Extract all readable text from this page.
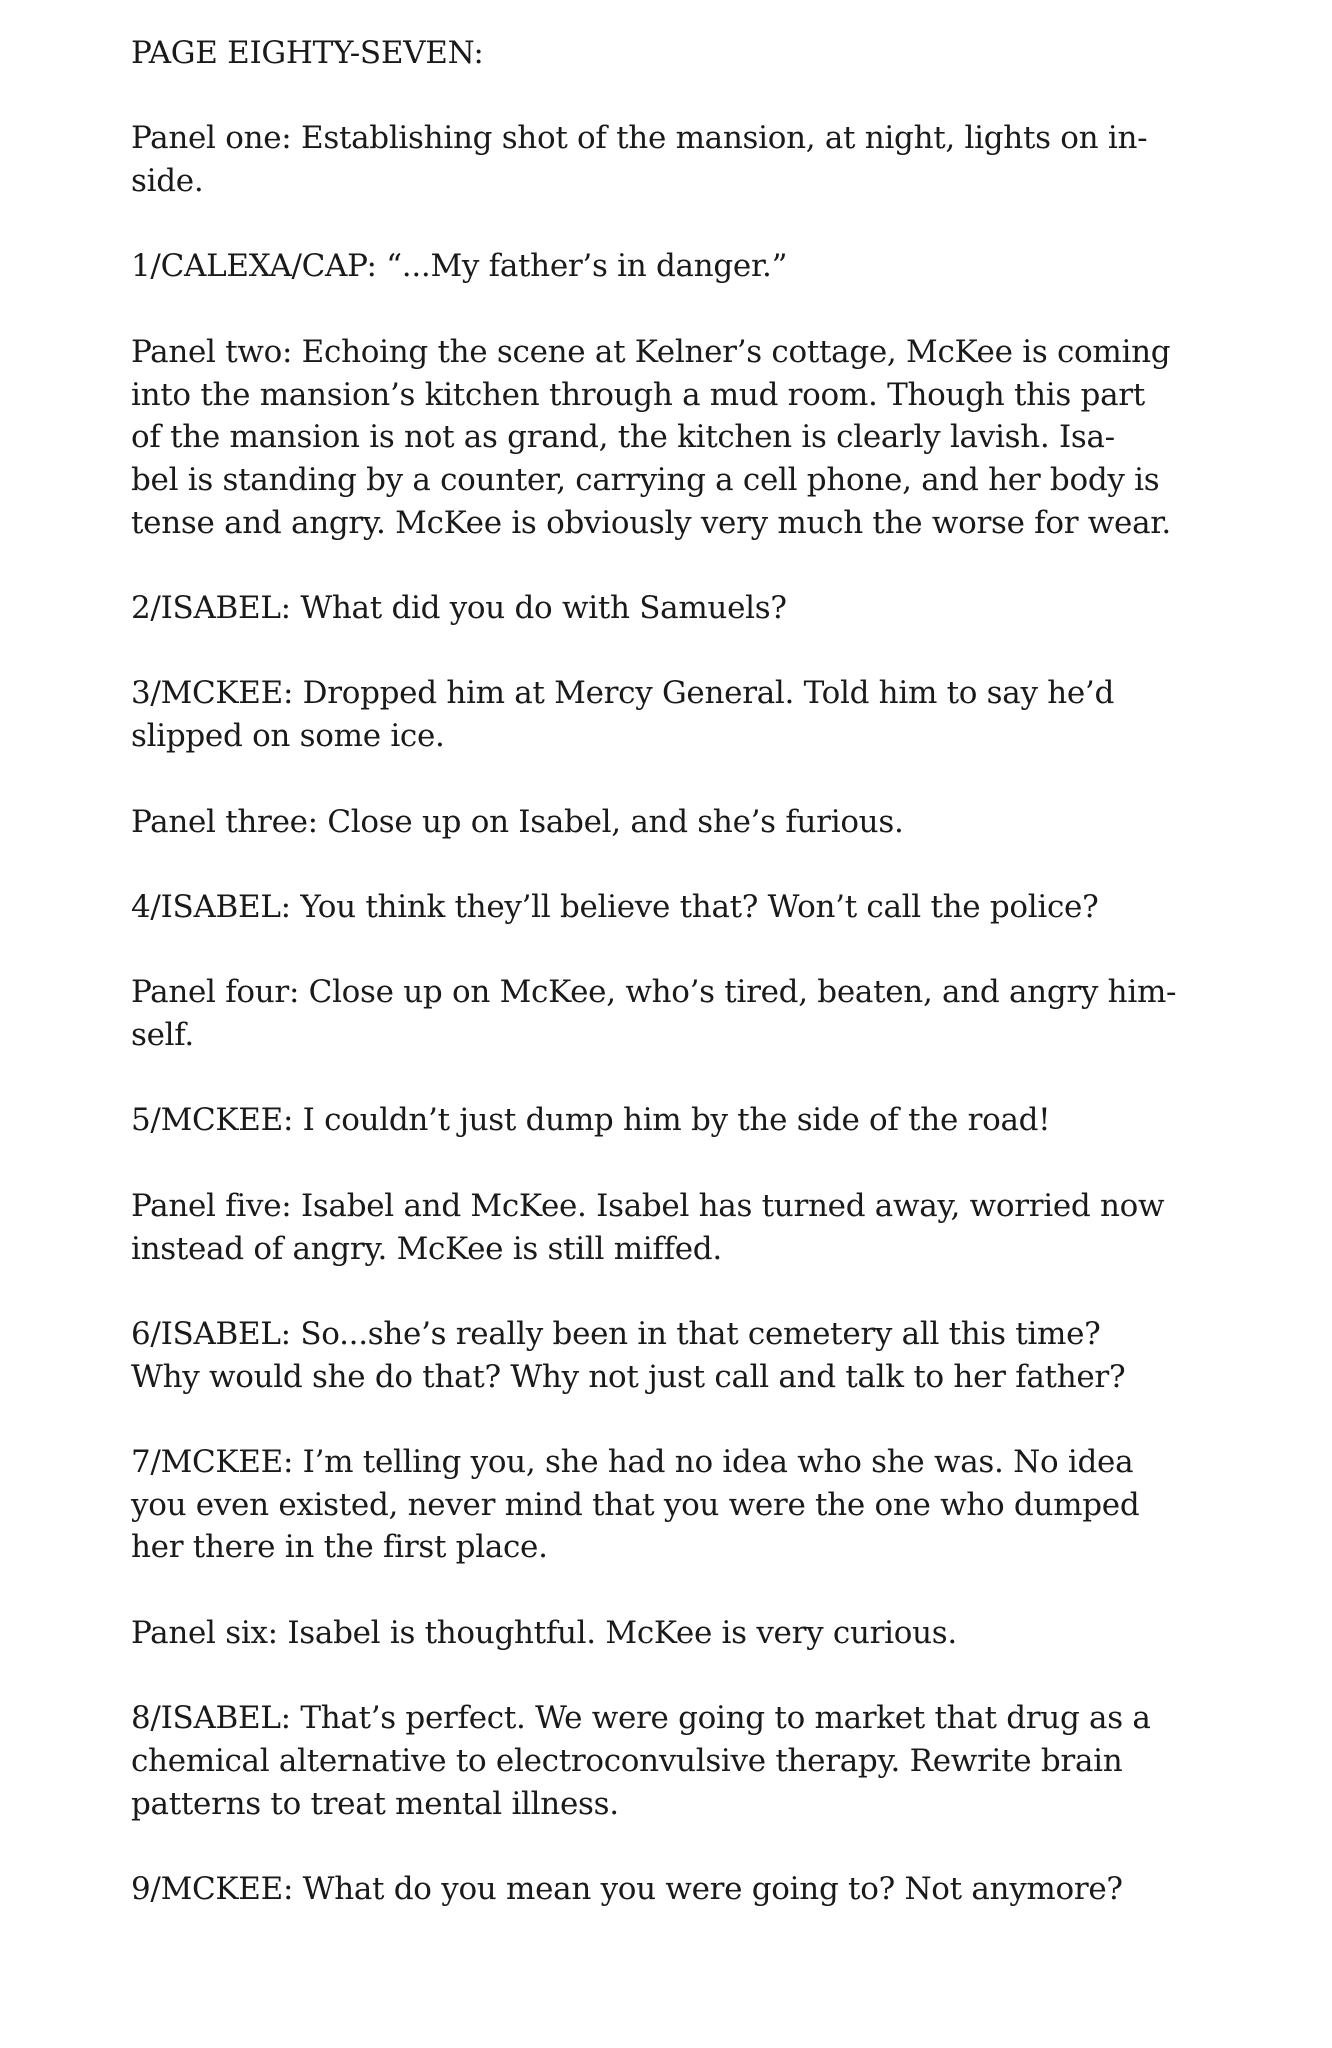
PAGE EIGHTY-SEVEN:
Panel one: Establishing shot of the mansion, at night, lights on in-
side.
1/CALEXA/CAP: “...My father’s in danger.”
Panel two: Echoing the scene at Kelner’s cottage, McKee is coming
into the mansion’s kitchen through a mud room. Though this part
of the mansion is not as grand, the kitchen is clearly lavish. Isa-
bel is standing by a counter, carrying a cell phone, and her body is
tense and angry. McKee is obviously very much the worse for wear.
2/ISABEL: What did you do with Samuels?
3/MCKEE: Dropped him at Mercy General. Told him to say he’d
slipped on some ice.
Panel three: Close up on Isabel, and she’s furious.
4/ISABEL: You think they’ll believe that? Won’t call the police?
Panel four: Close up on McKee, who’s tired, beaten, and angry him-
self.
5/MCKEE: I couldn’t just dump him by the side of the road!
Panel five: Isabel and McKee. Isabel has turned away, worried now
instead of angry. McKee is still miffed.
6/ISABEL: So...she’s really been in that cemetery all this time?
Why would she do that? Why not just call and talk to her father?
7/MCKEE: I’m telling you, she had no idea who she was. No idea
you even existed, never mind that you were the one who dumped
her there in the first place.
Panel six: Isabel is thoughtful. McKee is very curious.
8/ISABEL: That’s perfect. We were going to market that drug as a
chemical alternative to electroconvulsive therapy. Rewrite brain
patterns to treat mental illness.
9/MCKEE: What do you mean you were going to? Not anymore?
